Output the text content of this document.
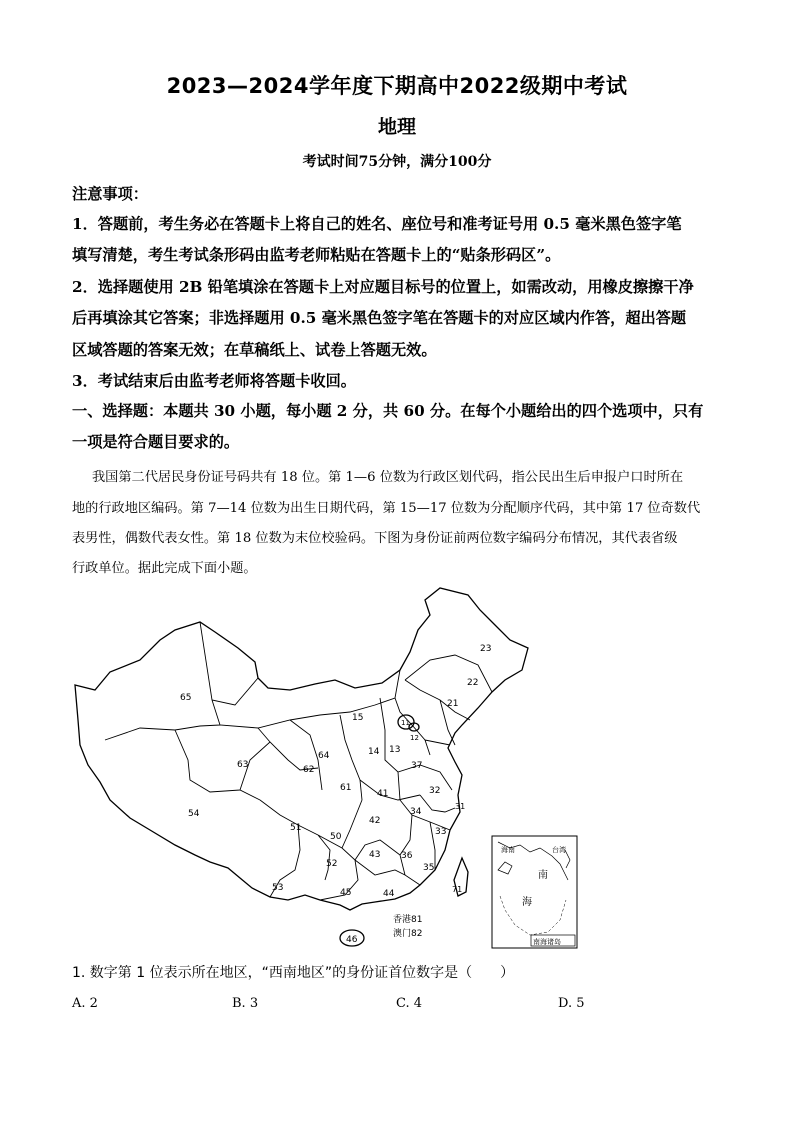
2023—2024学年度下期高中2022级期中考试
地理
考试时间75分钟，满分100分
注意事项：
1．答题前，考生务必在答题卡上将自己的姓名、座位号和准考证号用 0.5 毫米黑色签字笔
填写清楚，考生考试条形码由监考老师粘贴在答题卡上的“贴条形码区”。
2．选择题使用 2B 铅笔填涂在答题卡上对应题目标号的位置上，如需改动，用橡皮擦擦干净
后再填涂其它答案；非选择题用 0.5 毫米黑色签字笔在答题卡的对应区域内作答，超出答题
区域答题的答案无效；在草稿纸上、试卷上答题无效。
3．考试结束后由监考老师将答题卡收回。
一、选择题：本题共 30 小题，每小题 2 分，共 60 分。在每个小题给出的四个选项中，只有
一项是符合题目要求的。
我国第二代居民身份证号码共有 18 位。第 1—6 位数为行政区划代码，指公民出生后申报户口时所在
地的行政地区编码。第 7—14 位数为出生日期代码，第 15—17 位数为分配顺序代码，其中第 17 位奇数代
表男性，偶数代表女性。第 18 位数为末位校验码。下图为身份证前两位数字编码分布情况，其代表省级
行政单位。据此完成下面小题。
海南	台湾
南
海
南海诸岛
65
54
63	62
64
15
23
22
21
11
12
13
14
37
61
41	32
31
34
51
50
42
33
52
43 36
35
53	45	44	71
46
香港81
澳门82
1. 数字第 1 位表示所在地区，“西南地区”的身份证首位数字是（　　）
A. 2	B. 3	C. 4	D. 5
